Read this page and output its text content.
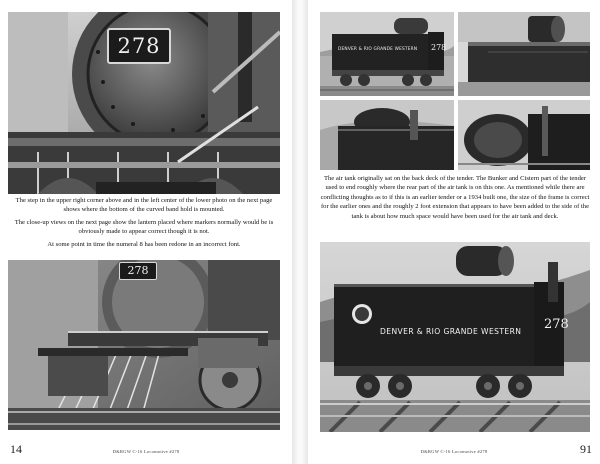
278

The step in the upper right corner above and in the left center of the lower photo on the next page shows where the bottom of the curved band hold is mounted.

The close-up views on the next page show the lantern placed where markers normally would be is obviously made to appear correct though it is not.

At some point in time the numeral 8 has been redone in an incorrect font.

278
14	D&RGW C-16 Locomotive #278
DENVER & RIO GRANDE WESTERN	278

The air tank originally sat on the back deck of the tender. The Bunker and Cistern part of the tender used to end roughly where the rear part of the air tank is on this one. As mentioned while there are conflicting thoughts as to if this is an earlier tender or a 1934 built one, the size of the frame is correct for the earlier ones and the roughly 2 foot extension that appears to have been added to the side of the tank is about how much space would have been used for the air tank and deck.

DENVER & RIO GRANDE WESTERN	278
91
D&RGW C-16 Locomotive #278
